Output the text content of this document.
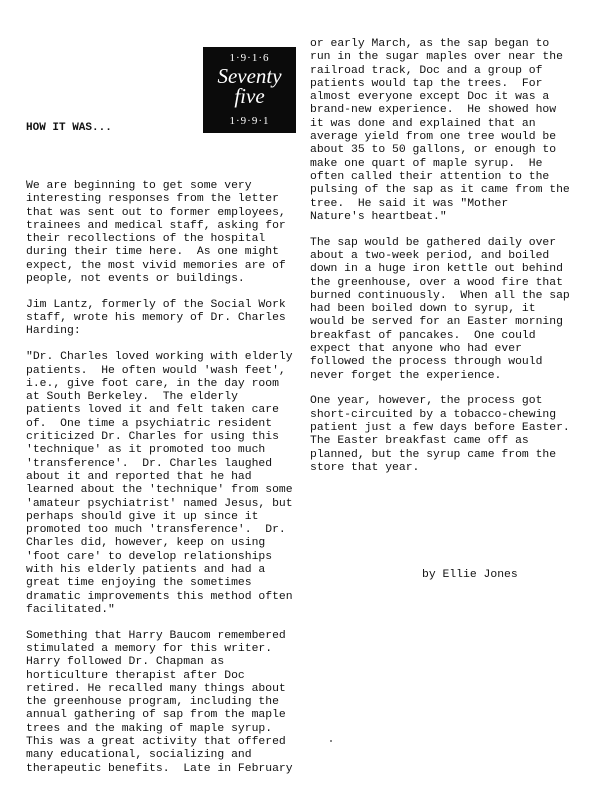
1·9·1·6
Seventy
five
1·9·9·1
HOW IT WAS...

We are beginning to get some very
interesting responses from the letter
that was sent out to former employees,
trainees and medical staff, asking for
their recollections of the hospital
during their time here.  As one might
expect, the most vivid memories are of
people, not events or buildings.

Jim Lantz, formerly of the Social Work
staff, wrote his memory of Dr. Charles
Harding:

"Dr. Charles loved working with elderly
patients.  He often would 'wash feet',
i.e., give foot care, in the day room
at South Berkeley.  The elderly
patients loved it and felt taken care
of.  One time a psychiatric resident
criticized Dr. Charles for using this
'technique' as it promoted too much
'transference'.  Dr. Charles laughed
about it and reported that he had
learned about the 'technique' from some
'amateur psychiatrist' named Jesus, but
perhaps should give it up since it
promoted too much 'transference'.  Dr.
Charles did, however, keep on using
'foot care' to develop relationships
with his elderly patients and had a
great time enjoying the sometimes
dramatic improvements this method often
facilitated."

Something that Harry Baucom remembered
stimulated a memory for this writer.
Harry followed Dr. Chapman as
horticulture therapist after Doc
retired. He recalled many things about
the greenhouse program, including the
annual gathering of sap from the maple
trees and the making of maple syrup.
This was a great activity that offered
many educational, socializing and
therapeutic benefits.  Late in February

or early March, as the sap began to
run in the sugar maples over near the
railroad track, Doc and a group of
patients would tap the trees.  For
almost everyone except Doc it was a
brand-new experience.  He showed how
it was done and explained that an
average yield from one tree would be
about 35 to 50 gallons, or enough to
make one quart of maple syrup.  He
often called their attention to the
pulsing of the sap as it came from the
tree.  He said it was "Mother
Nature's heartbeat."

The sap would be gathered daily over
about a two-week period, and boiled
down in a huge iron kettle out behind
the greenhouse, over a wood fire that
burned continuously.  When all the sap
had been boiled down to syrup, it
would be served for an Easter morning
breakfast of pancakes.  One could
expect that anyone who had ever
followed the process through would
never forget the experience.

One year, however, the process got
short-circuited by a tobacco-chewing
patient just a few days before Easter.
The Easter breakfast came off as
planned, but the syrup came from the
store that year.

by Ellie Jones
